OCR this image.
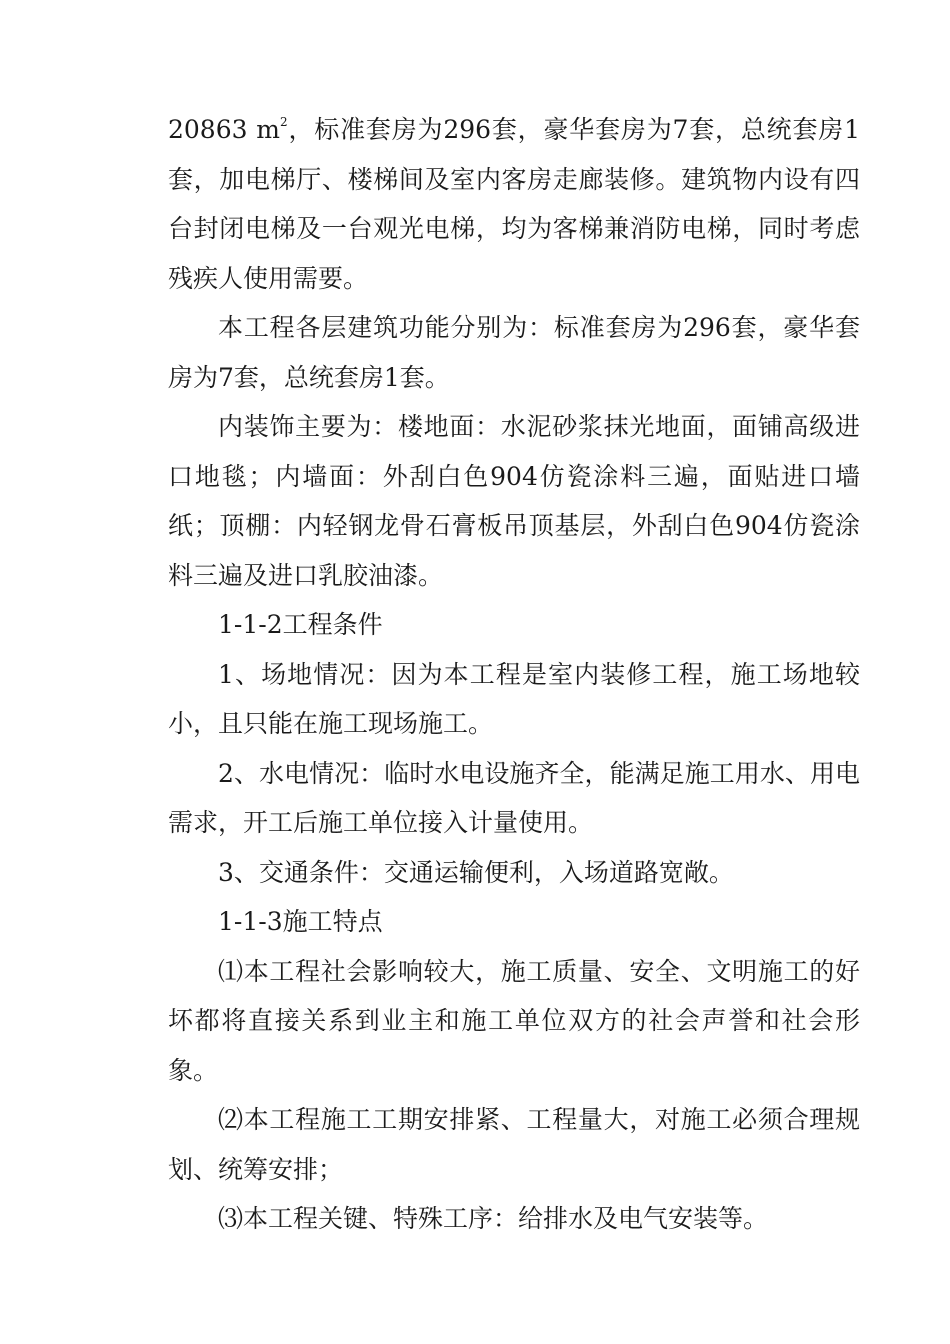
20863 $m^2$，标准套房为296套，豪华套房为7套，总统套房1套，加电梯厅、楼梯间及室内客房走廊装修。建筑物内设有四台封闭电梯及一台观光电梯，均为客梯兼消防电梯，同时考虑残疾人使用需要。

本工程各层建筑功能分别为：标准套房为296套，豪华套房为7套，总统套房1套。

内装饰主要为：楼地面：水泥砂浆抹光地面，面铺高级进口地毯；内墙面：外刮白色904仿瓷涂料三遍，面贴进口墙纸；顶棚：内轻钢龙骨石膏板吊顶基层，外刮白色904仿瓷涂料三遍及进口乳胶油漆。

1-1-2工程条件

1、场地情况：因为本工程是室内装修工程，施工场地较小，且只能在施工现场施工。

2、水电情况：临时水电设施齐全，能满足施工用水、用电需求，开工后施工单位接入计量使用。

3、交通条件：交通运输便利，入场道路宽敞。

1-1-3施工特点

⑴本工程社会影响较大，施工质量、安全、文明施工的好坏都将直接关系到业主和施工单位双方的社会声誉和社会形象。

⑵本工程施工工期安排紧、工程量大，对施工必须合理规划、统筹安排；

⑶本工程关键、特殊工序：给排水及电气安装等。
